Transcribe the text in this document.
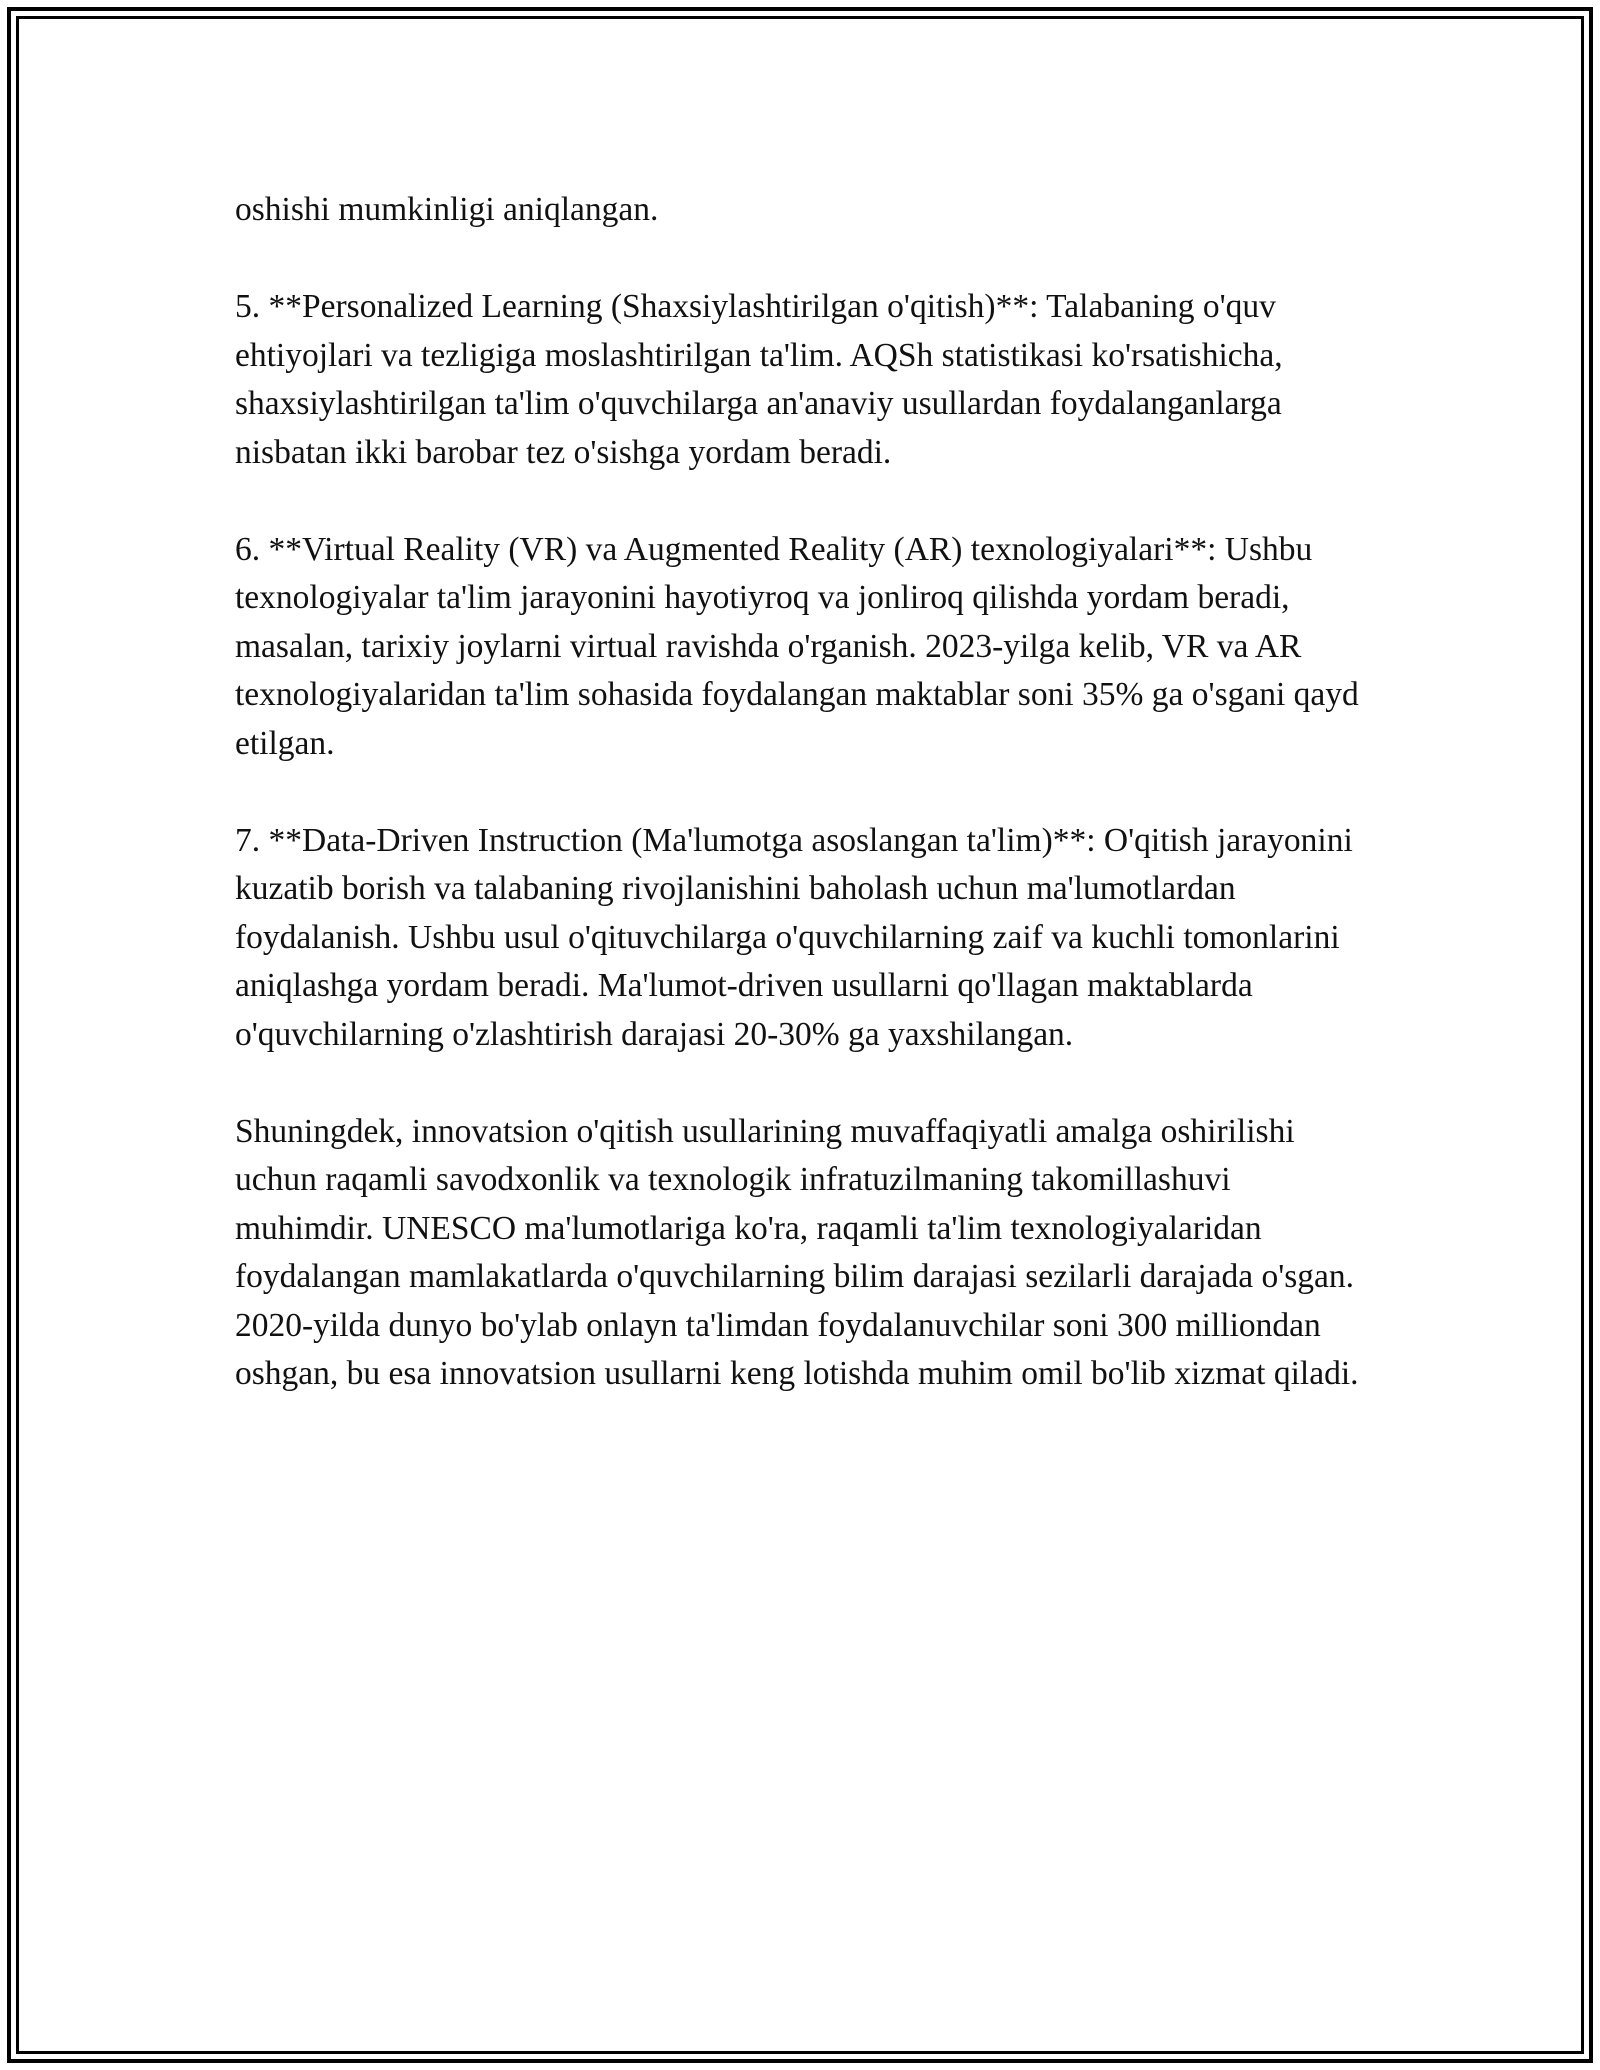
oshishi mumkinligi aniqlangan.

5. **Personalized Learning (Shaxsiylashtirilgan o'qitish)**: Talabaning o'quv ehtiyojlari va tezligiga moslashtirilgan ta'lim. AQSh statistikasi ko'rsatishicha, shaxsiylashtirilgan ta'lim o'quvchilarga an'anaviy usullardan foydalanganlarga nisbatan ikki barobar tez o'sishga yordam beradi.

6. **Virtual Reality (VR) va Augmented Reality (AR) texnologiyalari**: Ushbu texnologiyalar ta'lim jarayonini hayotiyroq va jonliroq qilishda yordam beradi, masalan, tarixiy joylarni virtual ravishda o'rganish. 2023-yilga kelib, VR va AR texnologiyalaridan ta'lim sohasida foydalangan maktablar soni 35% ga o'sgani qayd etilgan.

7. **Data-Driven Instruction (Ma'lumotga asoslangan ta'lim)**: O'qitish jarayonini kuzatib borish va talabaning rivojlanishini baholash uchun ma'lumotlardan foydalanish. Ushbu usul o'qituvchilarga o'quvchilarning zaif va kuchli tomonlarini aniqlashga yordam beradi. Ma'lumot-driven usullarni qo'llagan maktablarda o'quvchilarning o'zlashtirish darajasi 20-30% ga yaxshilangan.

Shuningdek, innovatsion o'qitish usullarining muvaffaqiyatli amalga oshirilishi uchun raqamli savodxonlik va texnologik infratuzilmaning takomillashuvi muhimdir. UNESCO ma'lumotlariga ko'ra, raqamli ta'lim texnologiyalaridan foydalangan mamlakatlarda o'quvchilarning bilim darajasi sezilarli darajada o'sgan. 2020-yilda dunyo bo'ylab onlayn ta'limdan foydalanuvchilar soni 300 milliondan oshgan, bu esa innovatsion usullarni keng lotishda muhim omil bo'lib xizmat qiladi.
